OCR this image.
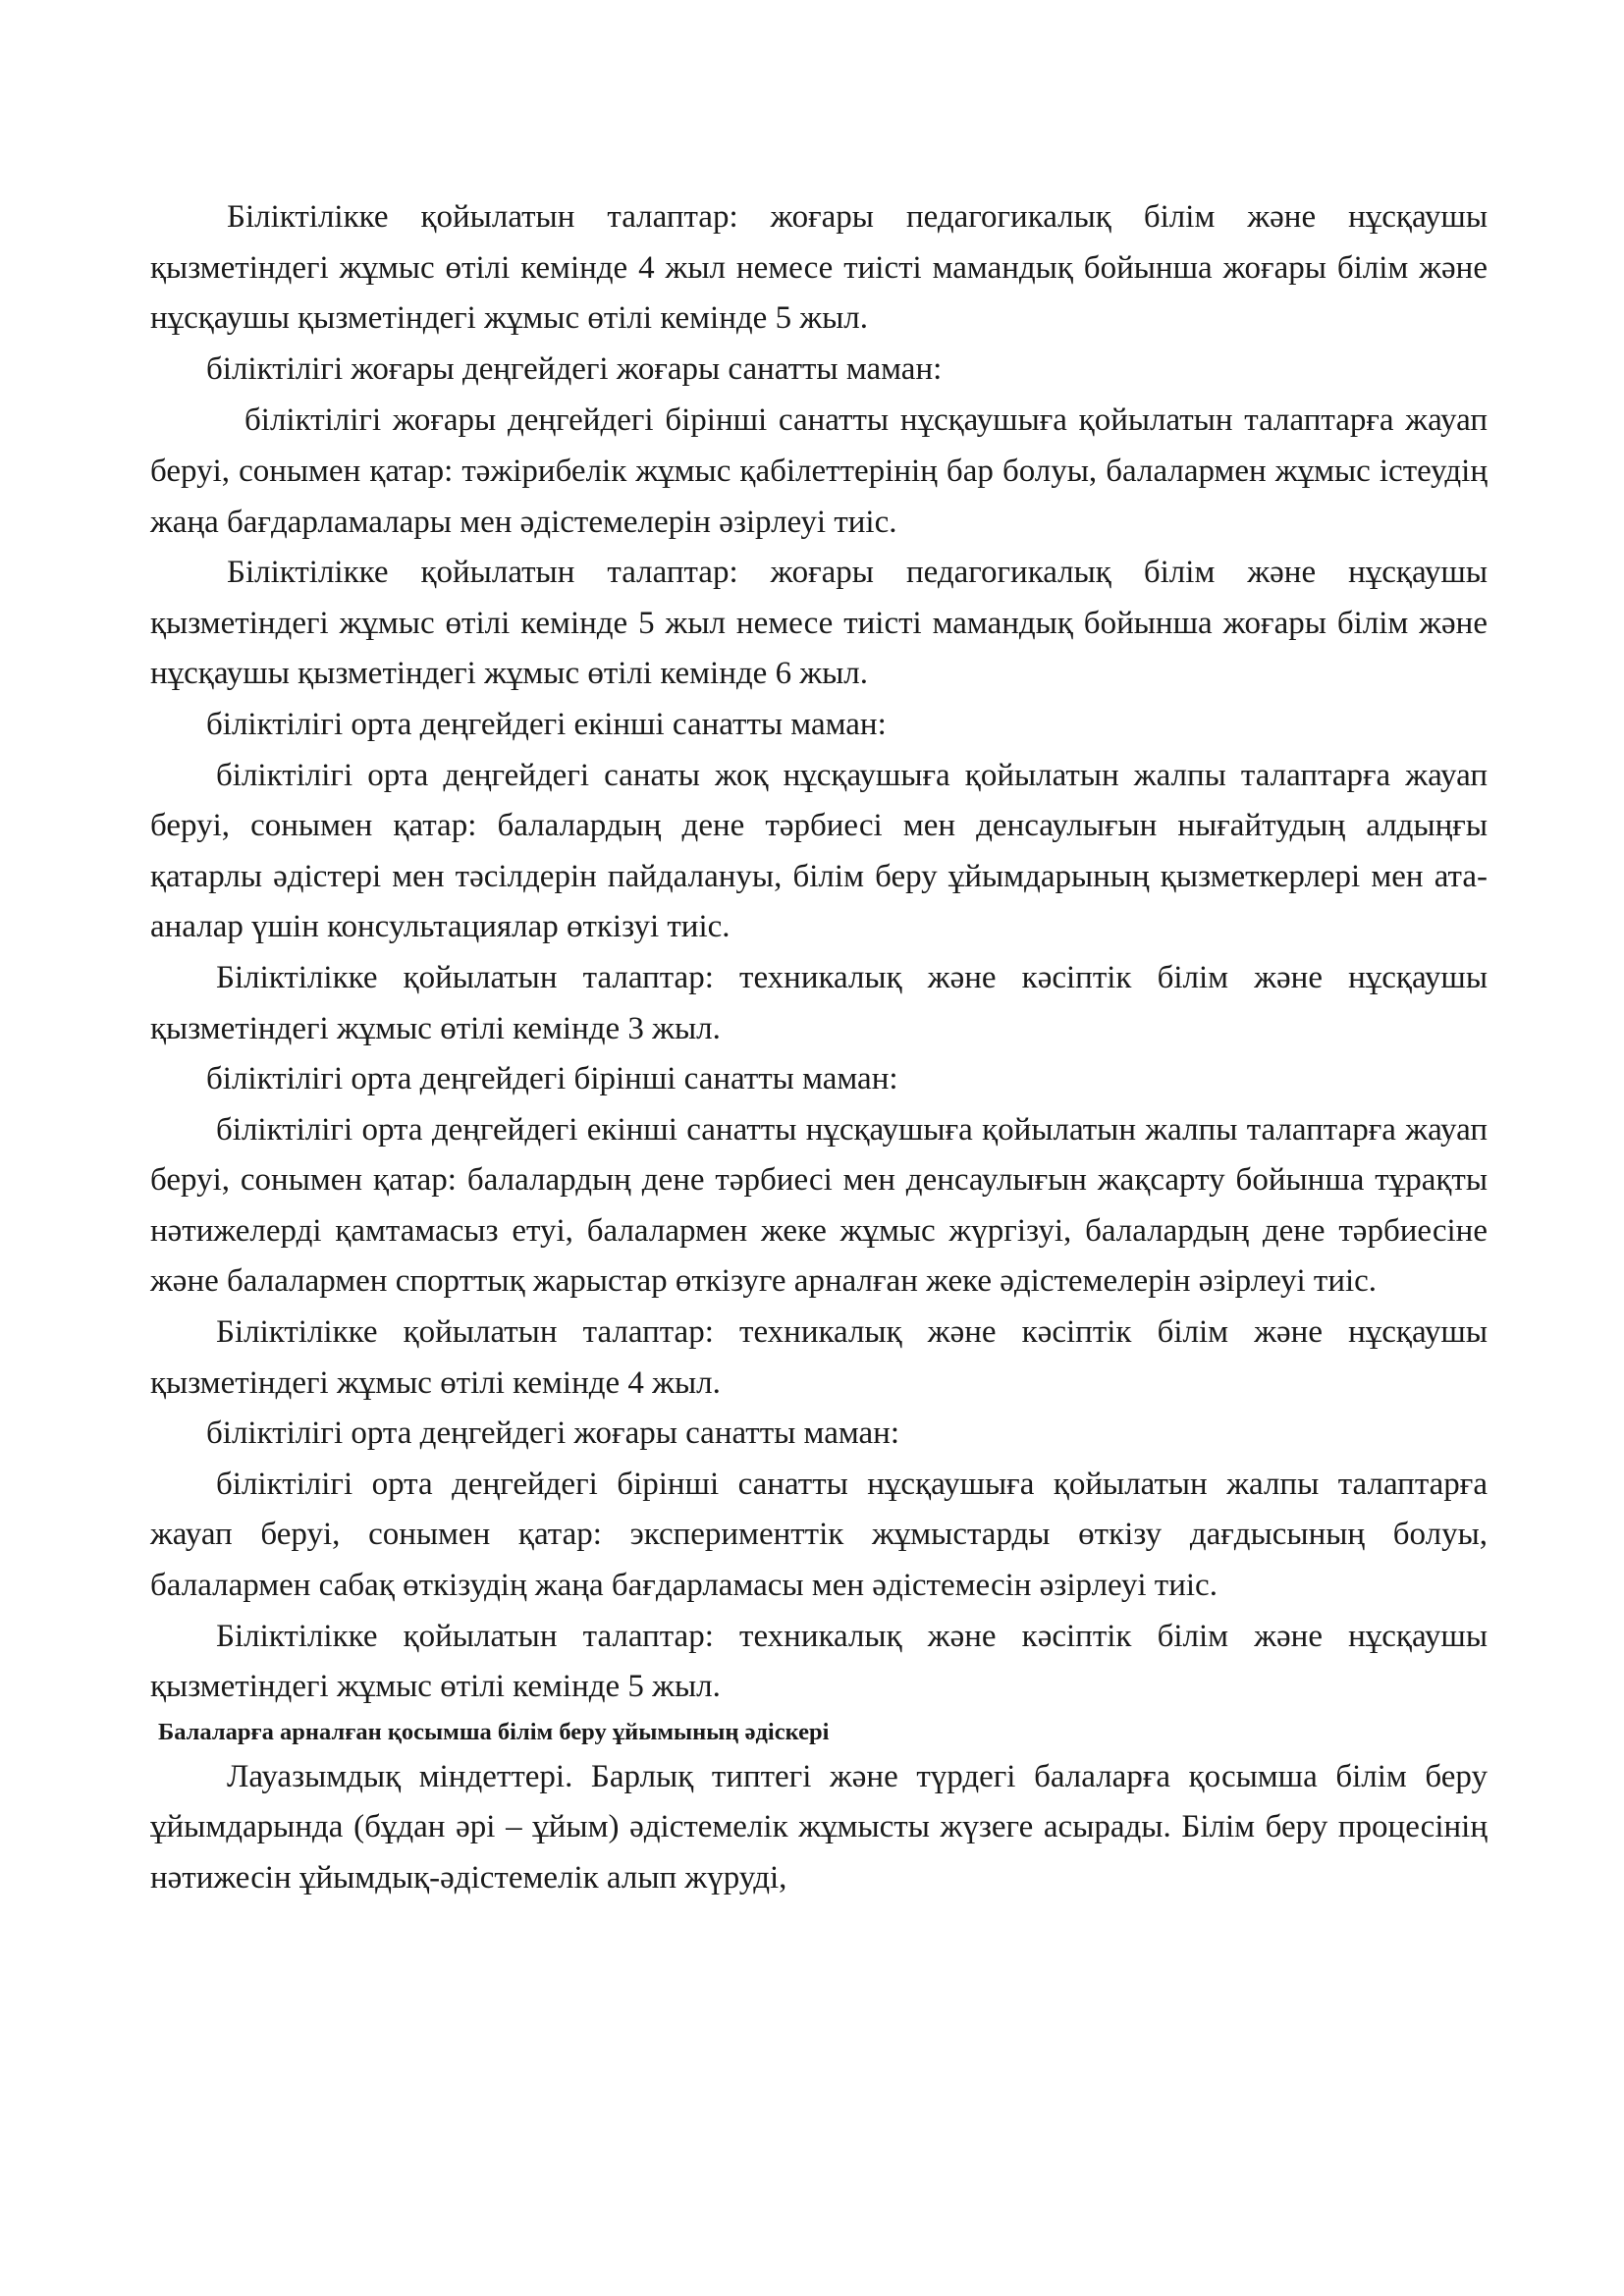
Біліктілікке қойылатын талаптар: жоғары педагогикалық білім және нұсқаушы қызметіндегі жұмыс өтілі кемінде 4 жыл немесе тиісті мамандық бойынша жоғары білім және нұсқаушы қызметіндегі жұмыс өтілі кемінде 5 жыл.

біліктілігі жоғары деңгейдегі жоғары санатты маман:

біліктілігі жоғары деңгейдегі бірінші санатты нұсқаушыға қойылатын талаптарға жауап беруі, сонымен қатар: тәжірибелік жұмыс қабілеттерінің бар болуы, балалармен жұмыс істеудің жаңа бағдарламалары мен әдістемелерін әзірлеуі тиіс.

Біліктілікке қойылатын талаптар: жоғары педагогикалық білім және нұсқаушы қызметіндегі жұмыс өтілі кемінде 5 жыл немесе тиісті мамандық бойынша жоғары білім және нұсқаушы қызметіндегі жұмыс өтілі кемінде 6 жыл.

біліктілігі орта деңгейдегі екінші санатты маман:

біліктілігі орта деңгейдегі санаты жоқ нұсқаушыға қойылатын жалпы талаптарға жауап беруі, сонымен қатар: балалардың дене тәрбиесі мен денсаулығын нығайтудың алдыңғы қатарлы әдістері мен тәсілдерін пайдалануы, білім беру ұйымдарының қызметкерлері мен ата-аналар үшін консультациялар өткізуі тиіс.

Біліктілікке қойылатын талаптар: техникалық және кәсіптік білім және нұсқаушы қызметіндегі жұмыс өтілі кемінде 3 жыл.

біліктілігі орта деңгейдегі бірінші санатты маман:

біліктілігі орта деңгейдегі екінші санатты нұсқаушыға қойылатын жалпы талаптарға жауап беруі, сонымен қатар: балалардың дене тәрбиесі мен денсаулығын жақсарту бойынша тұрақты нәтижелерді қамтамасыз етуі, балалармен жеке жұмыс жүргізуі, балалардың дене тәрбиесіне және балалармен спорттық жарыстар өткізуге арналған жеке әдістемелерін әзірлеуі тиіс.

Біліктілікке қойылатын талаптар: техникалық және кәсіптік білім және нұсқаушы қызметіндегі жұмыс өтілі кемінде 4 жыл.

біліктілігі орта деңгейдегі жоғары санатты маман:

біліктілігі орта деңгейдегі бірінші санатты нұсқаушыға қойылатын жалпы талаптарға жауап беруі, сонымен қатар: эксперименттік жұмыстарды өткізу дағдысының болуы, балалармен сабақ өткізудің жаңа бағдарламасы мен әдістемесін әзірлеуі тиіс.

Біліктілікке қойылатын талаптар: техникалық және кәсіптік білім және нұсқаушы қызметіндегі жұмыс өтілі кемінде 5 жыл.

Балаларға арналған қосымша білім беру ұйымының әдіскері

Лауазымдық міндеттері. Барлық типтегі және түрдегі балаларға қосымша білім беру ұйымдарында (бұдан әрі – ұйым) әдістемелік жұмысты жүзеге асырады. Білім беру процесінің нәтижесін ұйымдық-әдістемелік алып жүруді,
